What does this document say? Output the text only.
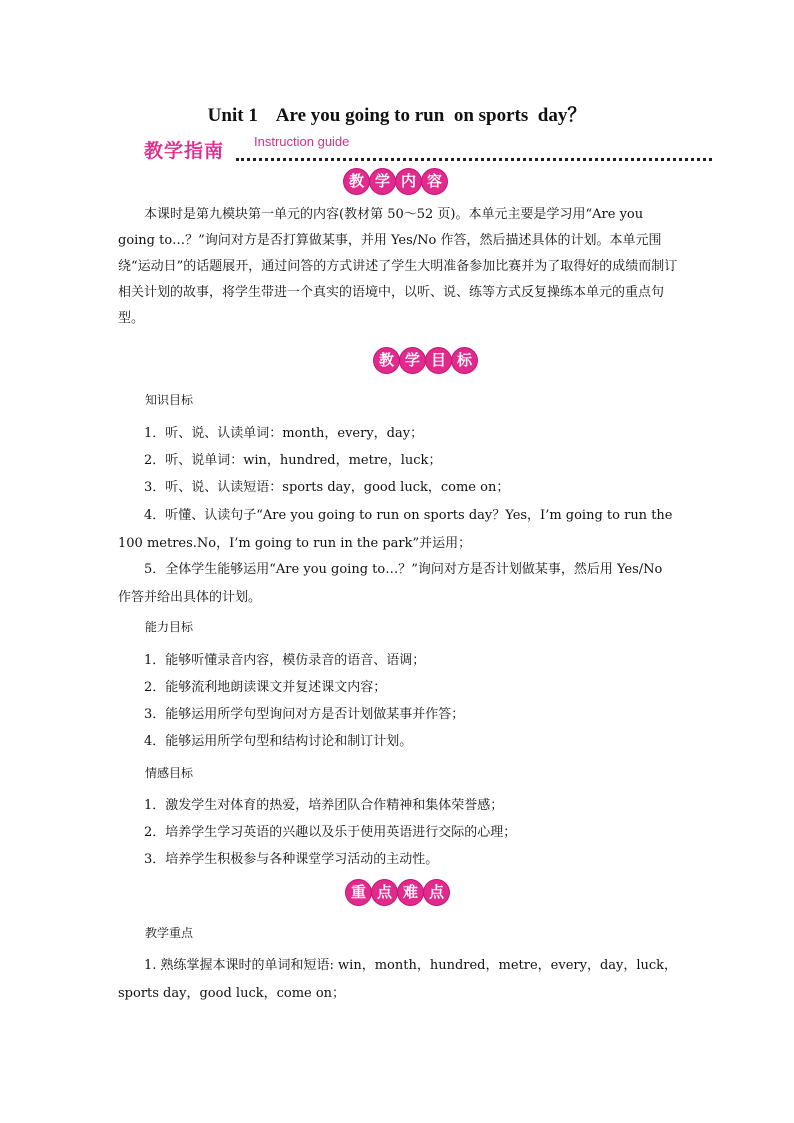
Unit 1    Are you going to run  on sports  day？
教学指南 Instruction guide
教 学 内 容

本课时是第九模块第一单元的内容(教材第 50～52 页)。本单元主要是学习用“Are you going to…？”询问对方是否打算做某事，并用 Yes/No 作答，然后描述具体的计划。本单元围绕“运动日”的话题展开，通过问答的方式讲述了学生大明准备参加比赛并为了取得好的成绩而制订相关计划的故事，将学生带进一个真实的语境中，以听、说、练等方式反复操练本单元的重点句型。

教 学 目 标

知识目标

1．听、说、认读单词：month，every，day；

2．听、说单词：win，hundred，metre，luck；

3．听、说、认读短语：sports day，good luck，come on；

4．听懂、认读句子“Are you going to run on sports day？Yes，I’m going to run the 100 metres.No，I’m going to run in the park”并运用；

5．全体学生能够运用“Are you going to…？”询问对方是否计划做某事，然后用 Yes/No 作答并给出具体的计划。

能力目标

1．能够听懂录音内容，模仿录音的语音、语调；

2．能够流利地朗读课文并复述课文内容；

3．能够运用所学句型询问对方是否计划做某事并作答；

4．能够运用所学句型和结构讨论和制订计划。

情感目标

1．激发学生对体育的热爱，培养团队合作精神和集体荣誉感；

2．培养学生学习英语的兴趣以及乐于使用英语进行交际的心理；

3．培养学生积极参与各种课堂学习活动的主动性。

重 点 难 点

教学重点

1. 熟练掌握本课时的单词和短语: win，month，hundred，metre，every，day，luck，sports day，good luck，come on；
